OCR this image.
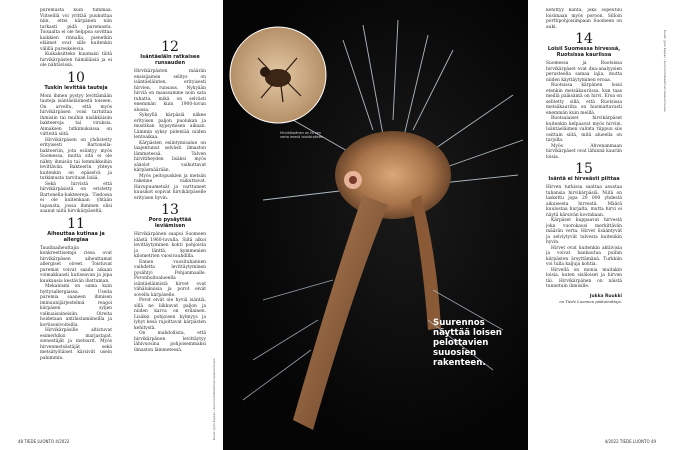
puremusta kuin tummaa. Viitseillä voi yrittää puukuttaa niin, ettei kärpänen niin tarkasti pidä puremasta. Toisaalta ei ole helppoa sovittaa kaikkien rinnalla, pienetkin eläimet ovat sille kuitenkin välillä pureskelevia.

Kuikaksitteko kuumaisi täitä hirvikärpästen hämäläisiä ja ei ole nähtävissä.

10
Tuskin levittää tauteja

Moni ihmen pystyy levittämään tauteja isäntäeläimestä toiseen. On arveltu, että myös hirvikärpäsen voisi tartuttaa ihmisiin tai muihin nisäkkäisiin bakteereja tai viruksia. Aimaksen tutkimuksissa on viitteitä siitä.

Hirvikärpäsen on yhdistetty erityisesti Bartonella-bakteeriin, jota esiintyy myös Suomessa, mutta sitä ei ole nähty ihmisiin tai lemmikkeihin levittävän. Bakteerin yhteys kuitenkin on epäselvä ja tutkimusta tarvitaan lisää.

Sekä hirvistä että hirvikärpäsistä on eristetty Bartonella-bakteereja. Tiedossa ei ole kuitenkaan yhtään tapausta, jossa ihminen olisi saanut niitä hirvikärpäseltä.

11
Aiheuttaa kutinaa ja allergiaa

Taudinaiheuttajia konkreettisempi riesa ovat hirvikärpäsen aiheuttamat allergiset oireet. Toistuvat puremat voivat saada aikaan voimakkaasti kutiseavan ja jopa kuukausia kestävän ihottuman.

Mekanismi on sama kuin hyttysallergiassa. Useita puremia saaneen ihmisen immuunijärjestelmä reagoi kärpäsen syljen valkuaisaineisiin. Oireita hoidetaan antihistamiineilla ja kortisonivoiteilla.

Hirvikärpäsille altistuvat esimerkiksi marjastajat, sienestäjät ja metsurit. Myös hirvenmetsästäjät sekä metsätyöläiset kärsivät usein pahimmin.

12
Isäntäeläin ratkaisee runsauden

Hirvikärpästen määrän ensisijainen selitys on isäntäeläinten, erityisesti hirvien, runsaus. Nykyään hirviä on maassamme noin sata tuhatta, mikä on selvästi enemmän kuin 1900-luvun alussa.

Syksyllä kärpäsiä näkee erityisen paljon puolukan ja mustikan kypsymisen aikaan. Lämmin syksy pidentää niiden lentoaikaa.

Kärpästen esiintymisalue on laajentunut selvästi ilmaston lämmetessä. Talven hirvitiheyden lisäksi myös sääolot vaikuttavat kärpäsmäärään.

Myös peitopuskien ja metsän rakenne vaikuttavat. Havupuumetsät ja varttuneet kuusikot sopivat hirvikärpäselle erityisen hyvin.

13
Poro pysäyttää leviämisen

Hirvikärpänen saapui Suomeen idästä 1960-luvulla. Siitä alkoi levittäytyminen kohti pohjoista ja länttä, kymmenien kilometrien vuosivauhdilla.

Ennen vuosituhannen vaihdetta levittäytyminen pysähtyi Pohjanmaalle. Poronhoitoalueella isäntäeläimistä hirvet ovat vähälukuisia ja porot eivät sovellu kärpäselle.

Porot eivät ole hyviä isäntiä, sillä ne liikkuvat paljon ja niiden karva on erilainen. Lisäksi pohjoisen kylmyys ja lyhyt kesä rajoittavat kärpästen kehitystä.

On mahdollista, että hirvikärpänen levittäytyy lähivuosina pohjoisemmaksi ilmaston lämmetessä.

48 TIEDE LUONTO 4/2022
Hirvikärpänen on hirven verta imevä loiskärpänen.
Suurennos näyttää loisen pelottavien suuosien rakenteen.
Kuvat: Jyrki Kaplas / Luonnontieteellinen keskusmuseo

kehittyy kanta, joka sopeutuu loisimaan myös poroon. Silloin porttipohjoisimpaan Suomeen on auki.

14
Loisii Suomessa hirvessä, Ruotsissa kauriissa

Suomessa ja Ruotsissa hirvikärpäset ovat dna-analyysien perusteella samaa lajia, mutta niiden käyttäytyminen eroaa.

Ruotsissa kärpänen loisii etenkin metsäkauriissa, kun taas meillä pääisäntä on hirvi. Eroa on selitetty sillä, että Ruotsissa metsäkauriita on huomattavasti enemmän kuin meillä.

Ruotsalaiset hirvikärpäset kuitenkin kelpaavat myös hirviin. Isäntäeläimen valinta riippuu siis osittain siitä, mitä alueella on tarjolla.

Myös Ahvenanmaan hirvikärpäset ovat lähinnä kauriin loisia.

15
Isäntä ei hirveästi piittaa

Hirven turkissa saattaa asustaa tuhansia hirvikärpäsiä. Niitä on laskettu jopa 20 000 yhdestä aikuisesta hirvestä. Määrä kuulostaa hurjalta, mutta hirvi ei näytä kärsivän kovinkaan.

Kärpäset kuppaavat hirvestä joka vuorokausi merkittävän määrän verta. Hirvet lisääntyvät ja selviytyvät talvesta kuitenkin hyvin.

Hirvet ovat kuitenkin aktiivisia ja voivat hankautua puihin kärpästen ärsyttämänä. Turkkiin voi tulla kaljuja kohtia.

Hirvellä on monia muitakin loisia, kuten sisäloiset ja hirven täi. Hirvikärpänen on näistä tunnetuin ihmisille.

Jukka Ruukki
on Tiede Luonnon päätoimittaja.
Kuvat: Jyrki Kaplas / Luonnontieteellinen keskusmuseo
4/2022 TIEDE LUONTO 49
